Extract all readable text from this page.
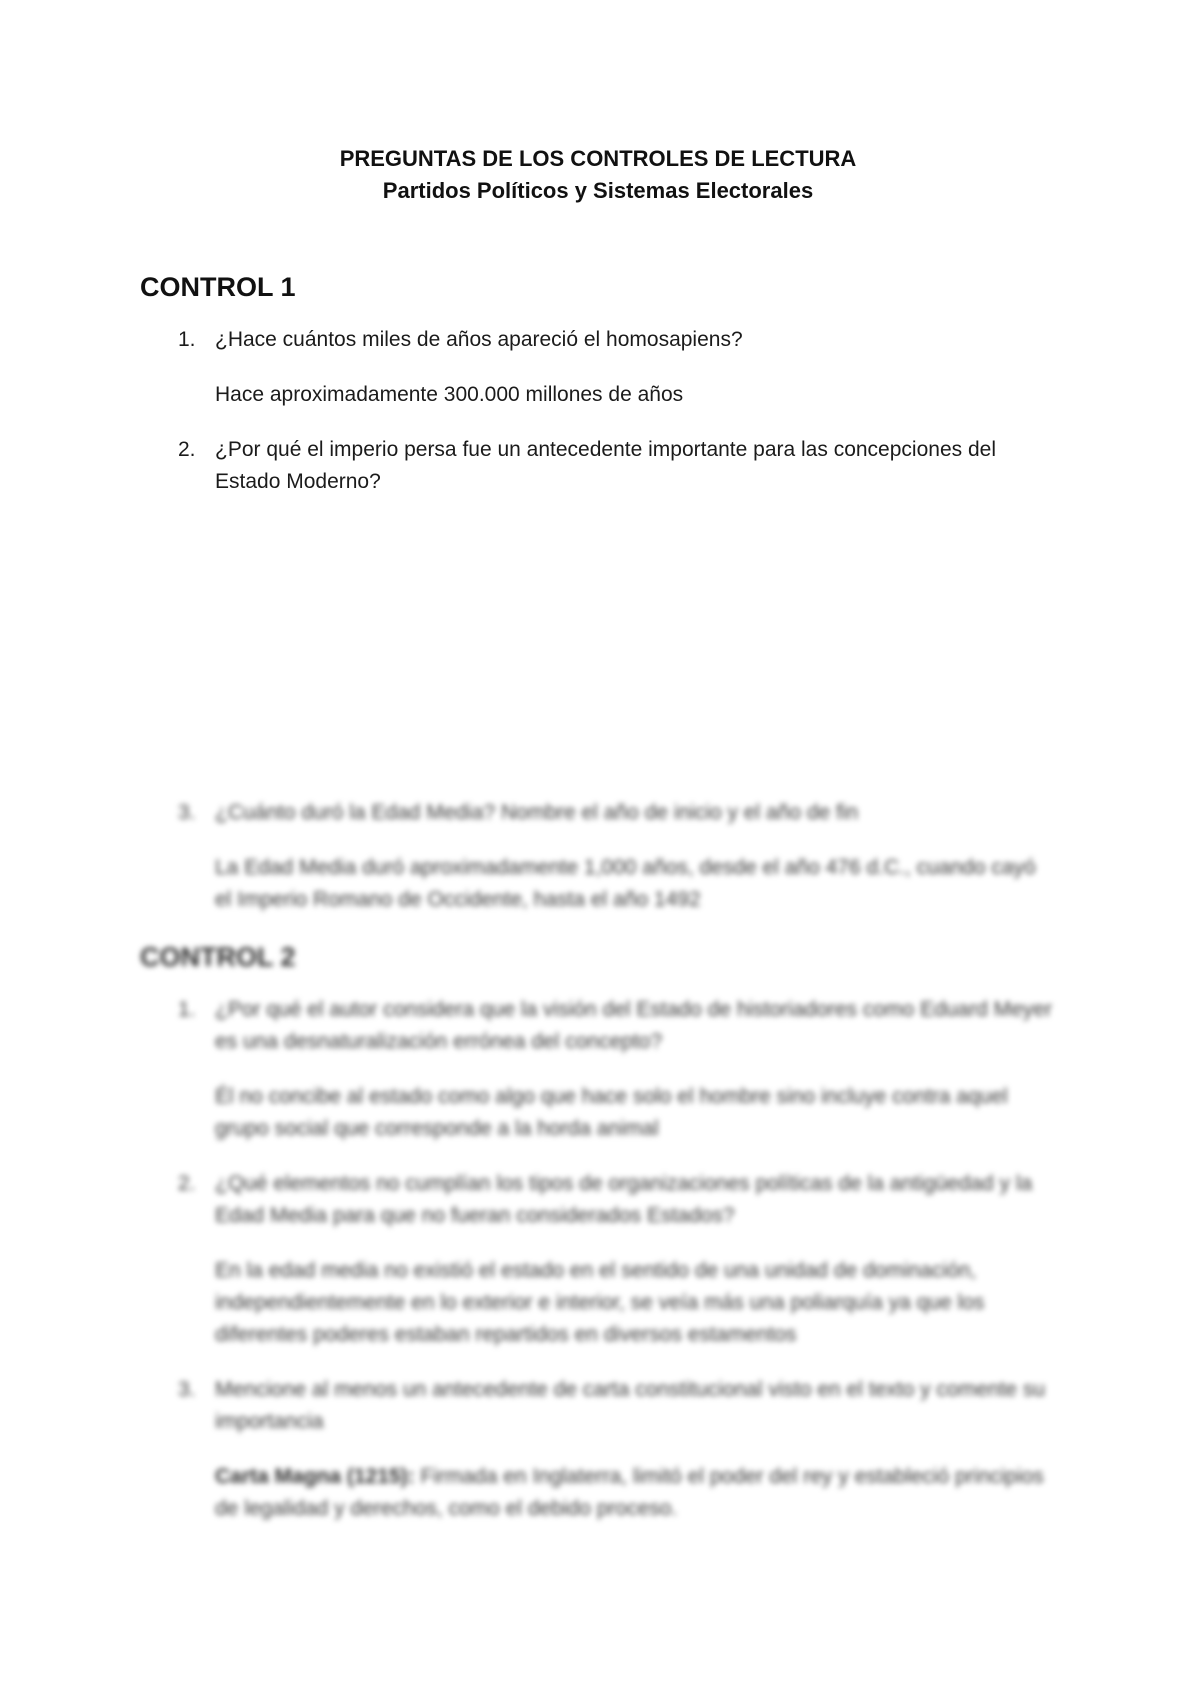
PREGUNTAS DE LOS CONTROLES DE LECTURA
Partidos Políticos y Sistemas Electorales
CONTROL 1
1. ¿Hace cuántos miles de años apareció el homosapiens?

Hace aproximadamente 300.000 millones de años

2. ¿Por qué el imperio persa fue un antecedente importante para las concepciones del Estado Moderno?
3. ¿Cuánto duró la Edad Media? Nombre el año de inicio y el año de fin

La Edad Media duró aproximadamente 1,000 años, desde el año 476 d.C., cuando cayó el Imperio Romano de Occidente, hasta el año 1492

CONTROL 2
1. ¿Por qué el autor considera que la visión del Estado de historiadores como Eduard Meyer es una desnaturalización errónea del concepto?

Él no concibe al estado como algo que hace solo el hombre sino incluye contra aquel grupo social que corresponde a la horda animal

2. ¿Qué elementos no cumplían los tipos de organizaciones políticas de la antigüedad y la Edad Media para que no fueran considerados Estados?

En la edad media no existió el estado en el sentido de una unidad de dominación, independientemente en lo exterior e interior, se veía más una poliarquía ya que los diferentes poderes estaban repartidos en diversos estamentos

3. Mencione al menos un antecedente de carta constitucional visto en el texto y comente su importancia

Carta Magna (1215): Firmada en Inglaterra, limitó el poder del rey y estableció principios de legalidad y derechos, como el debido proceso.
